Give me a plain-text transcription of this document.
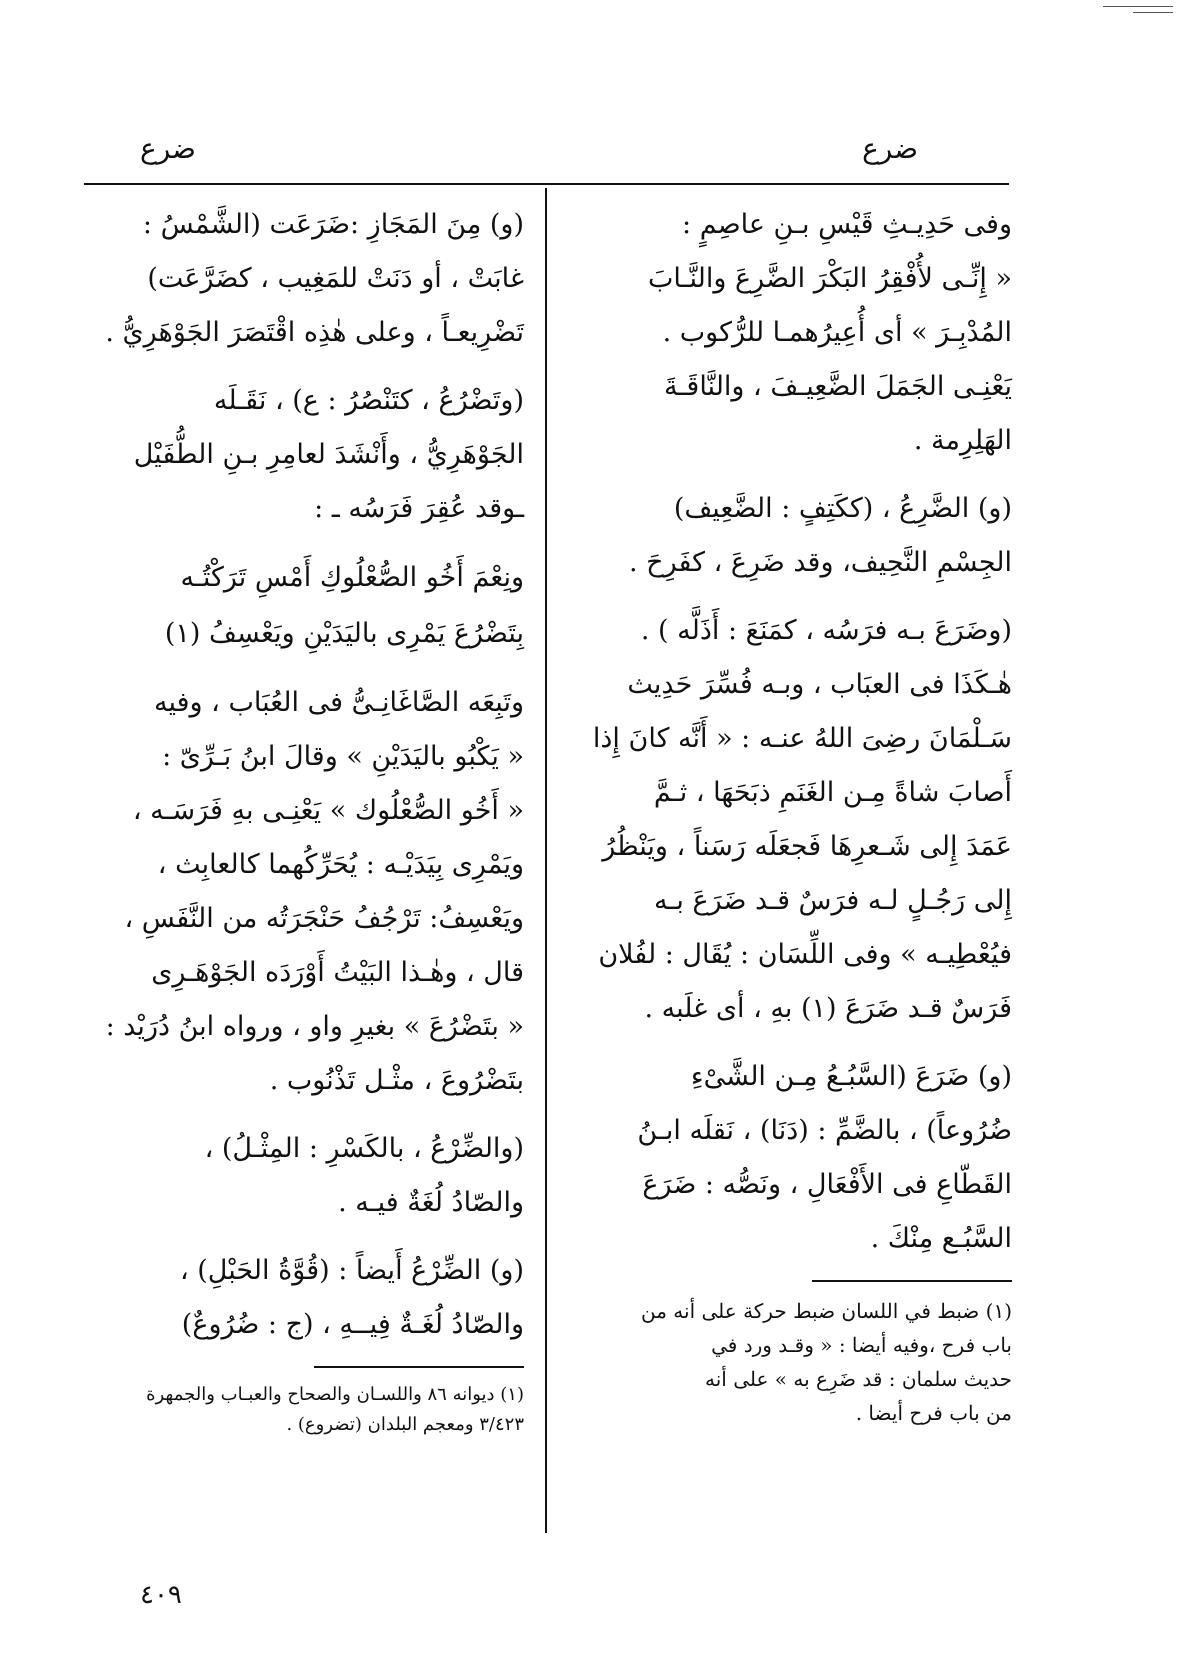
ضرع
ضرع

وفى حَدِيـثِ قَيْسِ بـنِ عاصِمٍ :
« إِنِّـى لأُفْقِرُ البَكْرَ الضَّرِعَ والنَّـابَ
المُدْبِـرَ » أى أُعِيرُهمـا للرُّكوب .
يَعْنِـى الجَمَلَ الضَّعِيـفَ ، والنَّاقَـةَ
الهَلِرِمة .

(و) الضَّرِعُ ، (ككَتِفٍ : الضَّعِيف)
الجِسْمِ النَّحِيف، وقد ضَرِعَ ، كفَرِحَ .

(وضَرَعَ بـه فرَسُه ، كمَنَعَ : أَذَلَّه ) .
هٰـكَذَا فى العبَاب ، وبـه فُسِّرَ حَدِيث
سَـلْمَانَ رضِىَ اللهُ عنـه : « أَنَّه كانَ إِذا
أَصابَ شاةً مِـن الغَنَمِ ذبَحَهَا ، ثـمَّ
عَمَدَ إِلى شَـعرِهَا فَجعَلَه رَسَناً ، ويَنْظُرُ
إِلى رَجُـلٍ لـه فرَسٌ قـد ضَرَعَ بـه
فيُعْطِيـه » وفى اللِّسَان : يُقَال : لفُلان
فَرَسٌ قـد ضَرَعَ (١) بهِ ، أى غلَبه .

(و) ضَرَعَ (السَّبُـعُ مِـن الشَّىْءِ
ضُرُوعاً) ، بالضَّمِّ : (دَنَا) ، نَقلَه ابـنُ
القَطّاعِ فى الأَفْعَالِ ، ونَصُّه : ضَرَعَ
السَّبُـع مِنْكَ .

(١) ضبط في اللسان ضبط حركة على أنه من
باب فرح ،وفيه أيضا : « وقـد ورد في
حديث سلمان : قد ضَرِع به » على أنه
من باب فرح أيضا .

(و) مِنَ المَجَازِ :ضَرَعَت (الشَّمْسُ :
غابَتْ ، أو دَنَتْ للمَغِيب ، كضَرَّعَت)
تَضْرِيعـاً ، وعلى هٰذِه اقْتَصَرَ الجَوْهَرِيُّ .

(وتَضْرُعُ ، كتَنْصُرُ : ع) ، نَقَـلَه
الجَوْهَرِيُّ ، وأَنْشَدَ لعامِرِ بـنِ الطُّفَيْل
ـوقد عُقِرَ فَرَسُه ـ :

ونِعْمَ أَخُو الصُّعْلُوكِ أَمْسِ تَرَكْتُـه
بِتَضْرُعَ يَمْرِى باليَدَيْنِ ويَعْسِفُ (١)

وتَبِعَه الصَّاغَانِـىُّ فى العُبَاب ، وفيه
« يَكْبُو باليَدَيْنِ » وقالَ ابنُ بَـرِّىّ :
« أَخُو الصُّعْلُوك » يَعْنِـى بهِ فَرَسَـه ،
ويَمْرِى بِيَدَيْـه : يُحَرِّكُهما كالعابِث ،
ويَعْسِفُ: تَرْجُفُ حَنْجَرَتُه من النَّفَسِ ،
قال ، وهٰـذا البَيْتُ أَوْرَدَه الجَوْهَـرِى
« بتَضْرُعَ » بغيرِ واو ، ورواه ابنُ دُرَيْد :
بتَضْرُوعَ ، مثْـل تَذْنُوب .

(والضِّرْعُ ، بالكَسْرِ : المِثْـلُ) ،
والصّادُ لُغَةٌ فيـه .

(و) الضِّرْعُ أَيضاً : (قُوَّةُ الحَبْلِ) ،
والصّادُ لُغَـةٌ فِيــهِ ، (ج : ضُرُوعٌ)

(١) ديوانه ٨٦ واللسـان والصحاح والعبـاب والجمهرة
٣/٤٢٣ ومعجم البلدان (تضروع) .
٤٠٩
